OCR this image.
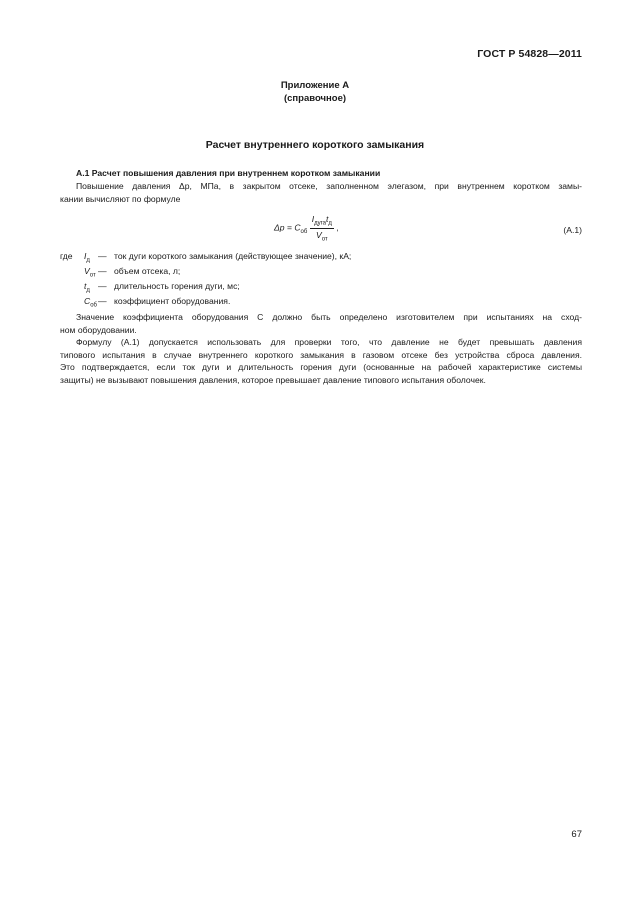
ГОСТ Р 54828—2011
Приложение А
(справочное)
Расчет внутреннего короткого замыкания
А.1 Расчет повышения давления при внутреннем коротком замыкании
Повышение давления Δp, МПа, в закрытом отсеке, заполненном элегазом, при внутреннем коротком замы-
кании вычисляют по формуле
$\Delta p = C_{об} \frac{I_{дуга}t_д}{V_{от}}$ ,	(А.1)
где $I_д$ — ток дуги короткого замыкания (действующее значение), кА;
$V_{от}$ — объем отсека, л;
$t_д$ — длительность горения дуги, мс;
$C_{об}—$ коэффициент оборудования.
Значение коэффициента оборудования C должно быть определено изготовителем при испытаниях на сход-
ном оборудовании.
Формулу (А.1) допускается использовать для проверки того, что давление не будет превышать давления
типового испытания в случае внутреннего короткого замыкания в газовом отсеке без устройства сброса давления.
Это подтверждается, если ток дуги и длительность горения дуги (основанные на рабочей характеристике системы
защиты) не вызывают повышения давления, которое превышает давление типового испытания оболочек.
67
